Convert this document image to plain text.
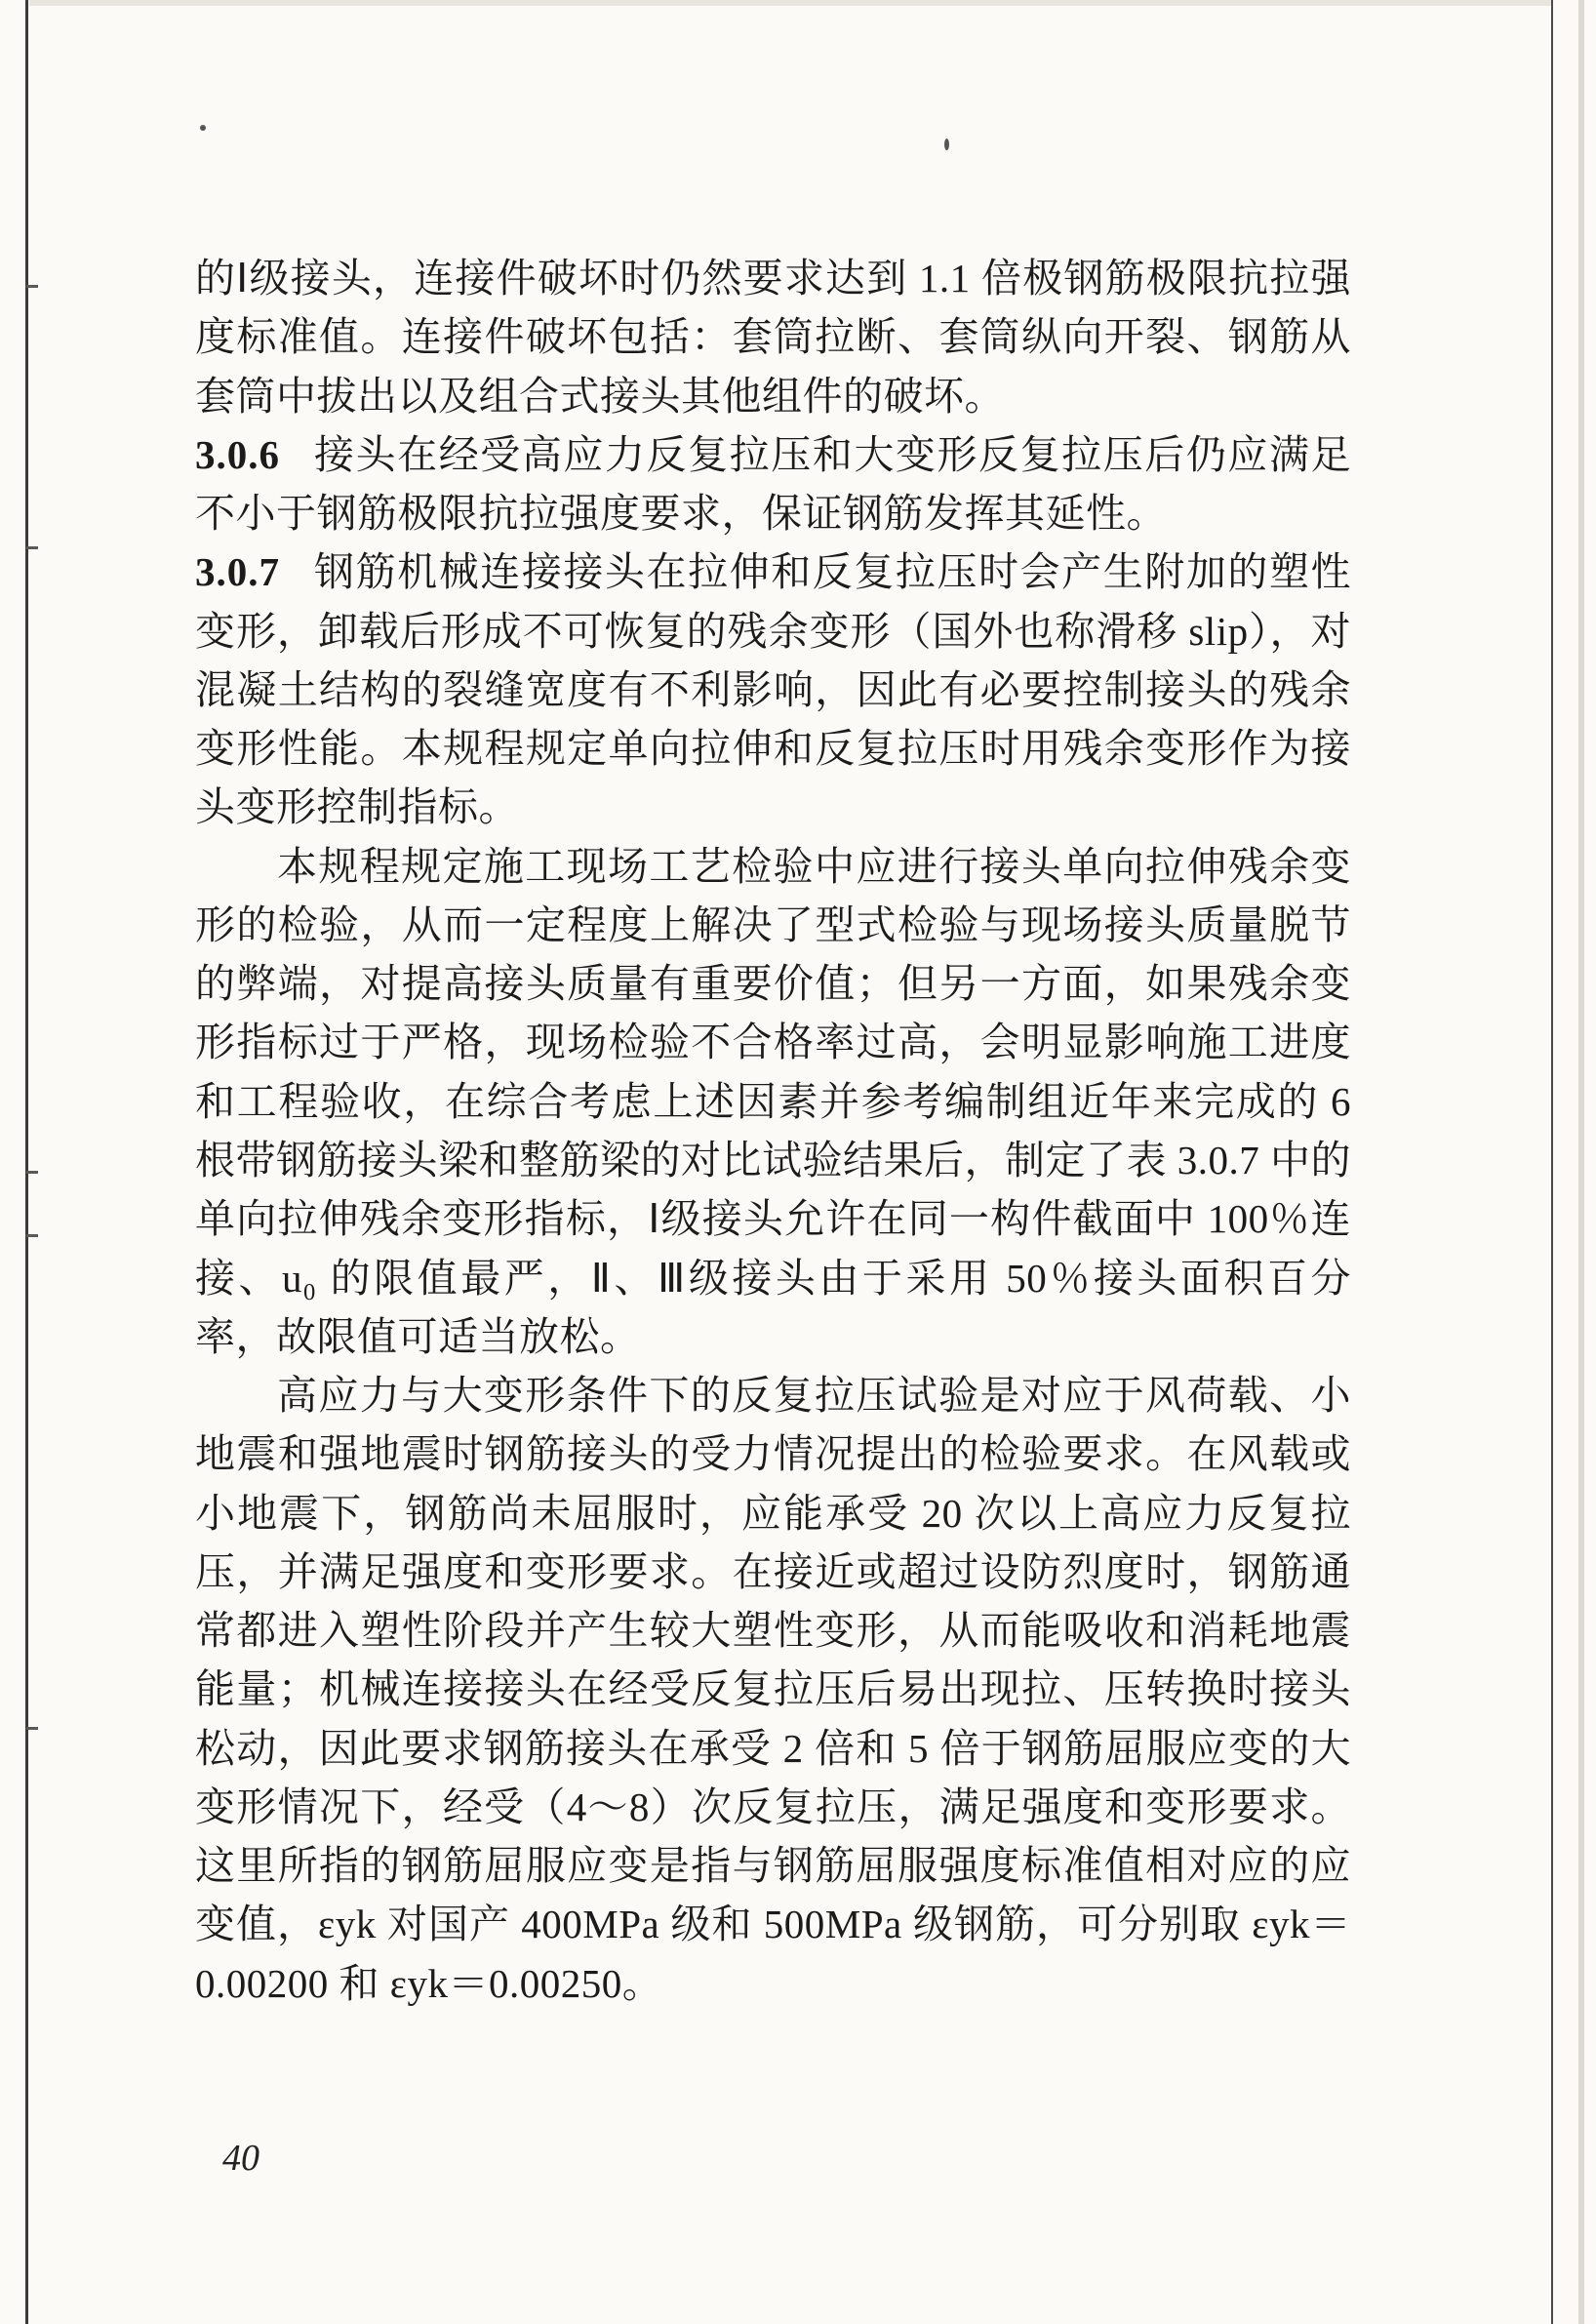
的Ⅰ级接头，连接件破坏时仍然要求达到 1.1 倍极钢筋极限抗拉强度标准值。连接件破坏包括：套筒拉断、套筒纵向开裂、钢筋从套筒中拔出以及组合式接头其他组件的破坏。

3.0.6 接头在经受高应力反复拉压和大变形反复拉压后仍应满足不小于钢筋极限抗拉强度要求，保证钢筋发挥其延性。

3.0.7 钢筋机械连接接头在拉伸和反复拉压时会产生附加的塑性变形，卸载后形成不可恢复的残余变形（国外也称滑移 slip），对混凝土结构的裂缝宽度有不利影响，因此有必要控制接头的残余变形性能。本规程规定单向拉伸和反复拉压时用残余变形作为接头变形控制指标。

本规程规定施工现场工艺检验中应进行接头单向拉伸残余变形的检验，从而一定程度上解决了型式检验与现场接头质量脱节的弊端，对提高接头质量有重要价值；但另一方面，如果残余变形指标过于严格，现场检验不合格率过高，会明显影响施工进度和工程验收，在综合考虑上述因素并参考编制组近年来完成的 6 根带钢筋接头梁和整筋梁的对比试验结果后，制定了表 3.0.7 中的单向拉伸残余变形指标，Ⅰ级接头允许在同一构件截面中 100％连接、u₀ 的限值最严，Ⅱ、Ⅲ级接头由于采用 50％接头面积百分率，故限值可适当放松。

高应力与大变形条件下的反复拉压试验是对应于风荷载、小地震和强地震时钢筋接头的受力情况提出的检验要求。在风载或小地震下，钢筋尚未屈服时，应能承受 20 次以上高应力反复拉压，并满足强度和变形要求。在接近或超过设防烈度时，钢筋通常都进入塑性阶段并产生较大塑性变形，从而能吸收和消耗地震能量；机械连接接头在经受反复拉压后易出现拉、压转换时接头松动，因此要求钢筋接头在承受 2 倍和 5 倍于钢筋屈服应变的大变形情况下，经受（4～8）次反复拉压，满足强度和变形要求。这里所指的钢筋屈服应变是指与钢筋屈服强度标准值相对应的应变值，εyk 对国产 400MPa 级和 500MPa 级钢筋，可分别取 εyk＝0.00200 和 εyk＝0.00250。

40
